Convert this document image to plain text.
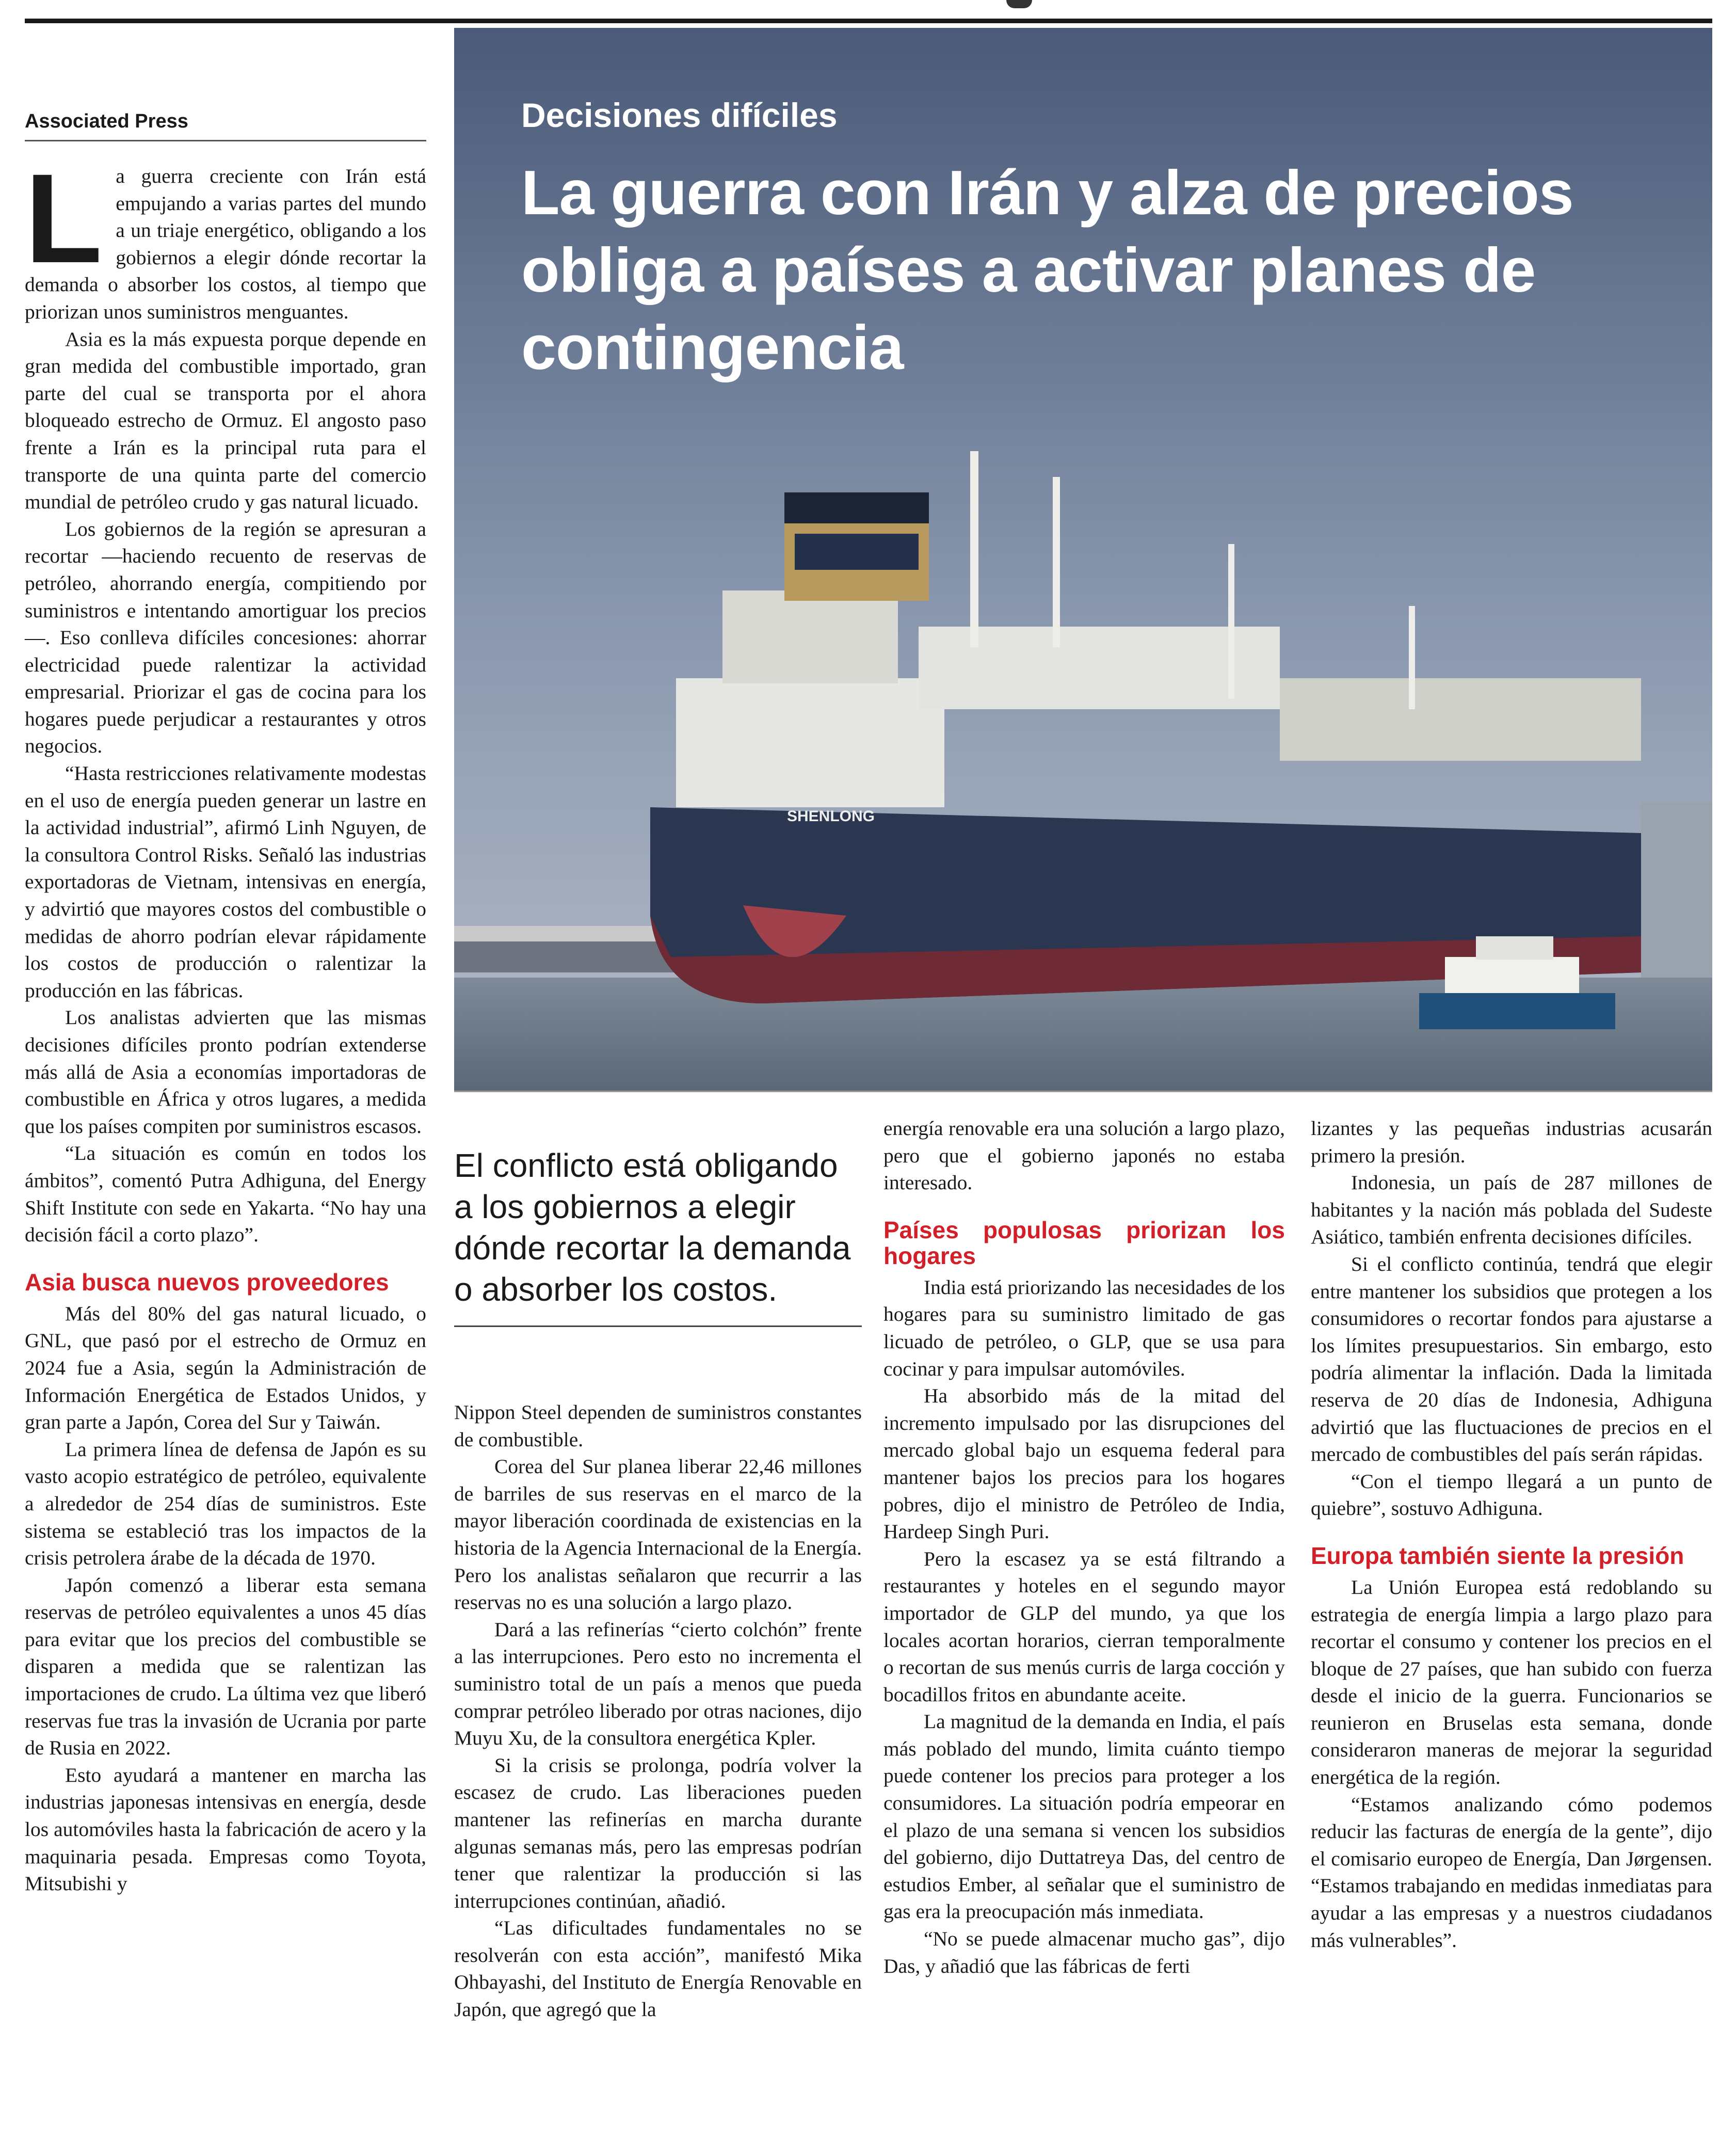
Associated Press

La guerra creciente con Irán está empujando a varias partes del mundo a un triaje energético, obligando a los gobiernos a elegir dónde recortar la demanda o absorber los costos, al tiempo que priorizan unos suministros menguantes.

Asia es la más expuesta porque depende en gran medida del combustible importado, gran parte del cual se transporta por el ahora bloqueado estrecho de Ormuz. El angosto paso frente a Irán es la principal ruta para el transporte de una quinta parte del comercio mundial de petróleo crudo y gas natural licuado.

Los gobiernos de la región se apresuran a recortar —haciendo recuento de reservas de petróleo, ahorrando energía, compitiendo por suministros e intentando amortiguar los precios—. Eso conlleva difíciles concesiones: ahorrar electricidad puede ralentizar la actividad empresarial. Priorizar el gas de cocina para los hogares puede perjudicar a restaurantes y otros negocios.

“Hasta restricciones relativamente modestas en el uso de energía pueden generar un lastre en la actividad industrial”, afirmó Linh Nguyen, de la consultora Control Risks. Señaló las industrias exportadoras de Vietnam, intensivas en energía, y advirtió que mayores costos del combustible o medidas de ahorro podrían elevar rápidamente los costos de producción o ralentizar la producción en las fábricas.

Los analistas advierten que las mismas decisiones difíciles pronto podrían extenderse más allá de Asia a economías importadoras de combustible en África y otros lugares, a medida que los países compiten por suministros escasos.

“La situación es común en todos los ámbitos”, comentó Putra Adhiguna, del Energy Shift Institute con sede en Yakarta. “No hay una decisión fácil a corto plazo”.

Asia busca nuevos proveedores

Más del 80% del gas natural licuado, o GNL, que pasó por el estrecho de Ormuz en 2024 fue a Asia, según la Administración de Información Energética de Estados Unidos, y gran parte a Japón, Corea del Sur y Taiwán.

La primera línea de defensa de Japón es su vasto acopio estratégico de petróleo, equivalente a alrededor de 254 días de suministros. Este sistema se estableció tras los impactos de la crisis petrolera árabe de la década de 1970.

Japón comenzó a liberar esta semana reservas de petróleo equivalentes a unos 45 días para evitar que los precios del combustible se disparen a medida que se ralentizan las importaciones de crudo. La última vez que liberó reservas fue tras la invasión de Ucrania por parte de Rusia en 2022.

Esto ayudará a mantener en marcha las industrias japonesas intensivas en energía, desde los automóviles hasta la fabricación de acero y la maquinaria pesada. Empresas como Toyota, Mitsubishi y

Decisiones difíciles
La guerra con Irán y alza de precios obliga a países a activar planes de contingencia
SHENLONG
El conflicto está obligando a los gobiernos a elegir dónde recortar la demanda o absorber los costos.

Nippon Steel dependen de suministros constantes de combustible.

Corea del Sur planea liberar 22,46 millones de barriles de sus reservas en el marco de la mayor liberación coordinada de existencias en la historia de la Agencia Internacional de la Energía. Pero los analistas señalaron que recurrir a las reservas no es una solución a largo plazo.

Dará a las refinerías “cierto colchón” frente a las interrupciones. Pero esto no incrementa el suministro total de un país a menos que pueda comprar petróleo liberado por otras naciones, dijo Muyu Xu, de la consultora energética Kpler.

Si la crisis se prolonga, podría volver la escasez de crudo. Las liberaciones pueden mantener las refinerías en marcha durante algunas semanas más, pero las empresas podrían tener que ralentizar la producción si las interrupciones continúan, añadió.

“Las dificultades fundamentales no se resolverán con esta acción”, manifestó Mika Ohbayashi, del Instituto de Energía Renovable en Japón, que agregó que la

energía renovable era una solución a largo plazo, pero que el gobierno japonés no estaba interesado.

Países populosas priorizan los hogares

India está priorizando las necesidades de los hogares para su suministro limitado de gas licuado de petróleo, o GLP, que se usa para cocinar y para impulsar automóviles.

Ha absorbido más de la mitad del incremento impulsado por las disrupciones del mercado global bajo un esquema federal para mantener bajos los precios para los hogares pobres, dijo el ministro de Petróleo de India, Hardeep Singh Puri.

Pero la escasez ya se está filtrando a restaurantes y hoteles en el segundo mayor importador de GLP del mundo, ya que los locales acortan horarios, cierran temporalmente o recortan de sus menús curris de larga cocción y bocadillos fritos en abundante aceite.

La magnitud de la demanda en India, el país más poblado del mundo, limita cuánto tiempo puede contener los precios para proteger a los consumidores. La situación podría empeorar en el plazo de una semana si vencen los subsidios del gobierno, dijo Duttatreya Das, del centro de estudios Ember, al señalar que el suministro de gas era la preocupación más inmediata.

“No se puede almacenar mucho gas”, dijo Das, y añadió que las fábricas de ferti

lizantes y las pequeñas industrias acusarán primero la presión.

Indonesia, un país de 287 millones de habitantes y la nación más poblada del Sudeste Asiático, también enfrenta decisiones difíciles.

Si el conflicto continúa, tendrá que elegir entre mantener los subsidios que protegen a los consumidores o recortar fondos para ajustarse a los límites presupuestarios. Sin embargo, esto podría alimentar la inflación. Dada la limitada reserva de 20 días de Indonesia, Adhiguna advirtió que las fluctuaciones de precios en el mercado de combustibles del país serán rápidas.

“Con el tiempo llegará a un punto de quiebre”, sostuvo Adhiguna.

Europa también siente la presión

La Unión Europea está redoblando su estrategia de energía limpia a largo plazo para recortar el consumo y contener los precios en el bloque de 27 países, que han subido con fuerza desde el inicio de la guerra. Funcionarios se reunieron en Bruselas esta semana, donde consideraron maneras de mejorar la seguridad energética de la región.

“Estamos analizando cómo podemos reducir las facturas de energía de la gente”, dijo el comisario europeo de Energía, Dan Jørgensen. “Estamos trabajando en medidas inmediatas para ayudar a las empresas y a nuestros ciudadanos más vulnerables”.
